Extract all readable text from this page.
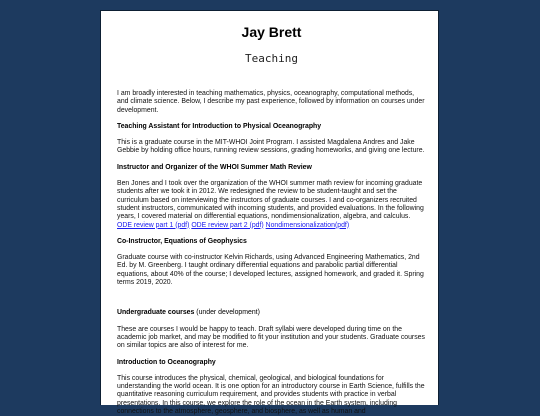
Jay Brett
Teaching

I am broadly interested in teaching mathematics, physics, oceanography, computational methods, and climate science. Below, I describe my past experience, followed by information on courses under development.

Teaching Assistant for Introduction to Physical Oceanography

This is a graduate course in the MIT-WHOI Joint Program. I assisted Magdalena Andres and Jake Gebbie by holding office hours, running review sessions, grading homeworks, and giving one lecture.

Instructor and Organizer of the WHOI Summer Math Review

Ben Jones and I took over the organization of the WHOI summer math review for incoming graduate students after we took it in 2012. We redesigned the review to be student-taught and set the curriculum based on interviewing the instructors of graduate courses. I and co-organizers recruited student instructors, communicated with incoming students, and provided evaluations. In the following years, I covered material on differential equations, nondimensionalization, algebra, and calculus. ODE review part 1 (pdf) ODE review part 2 (pdf) Nondimensionalization(pdf)

Co-Instructor, Equations of Geophysics

Graduate course with co-instructor Kelvin Richards, using Advanced Engineering Mathematics, 2nd Ed. by M. Greenberg. I taught ordinary differential equations and parabolic partial differential equations, about 40% of the course; I developed lectures, assigned homework, and graded it. Spring terms 2019, 2020.

Undergraduate courses (under development)

These are courses I would be happy to teach. Draft syllabi were developed during time on the academic job market, and may be modified to fit your institution and your students. Graduate courses on similar topics are also of interest for me.

Introduction to Oceanography

This course introduces the physical, chemical, geological, and biological foundations for understanding the world ocean. It is one option for an introductory course in Earth Science, fulfills the quantitative reasoning curriculum requirement, and provides students with practice in verbal presentations. In this course, we explore the role of the ocean in the Earth system, including connections to the atmosphere, geosphere, and biosphere, as well as human and
